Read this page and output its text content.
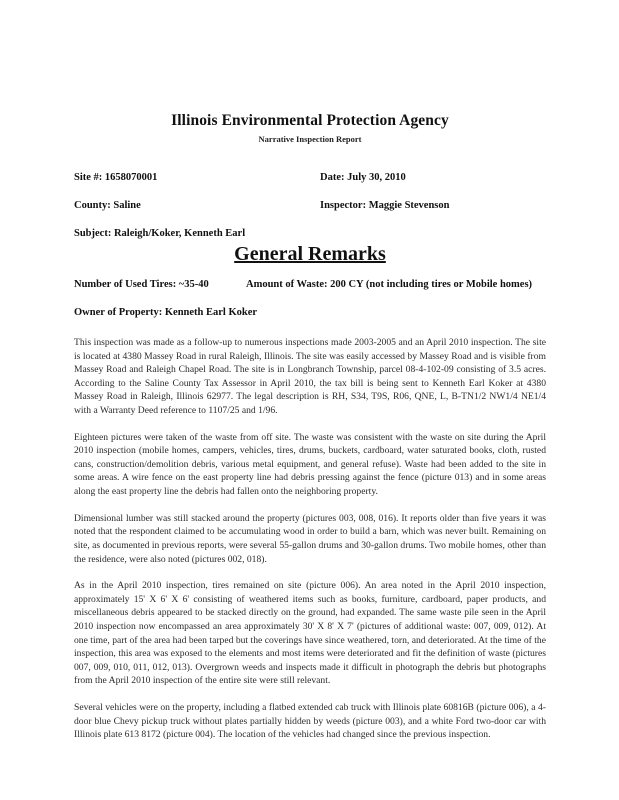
Illinois Environmental Protection Agency
Narrative Inspection Report
Site #: 1658070001	Date: July 30, 2010
County: Saline	Inspector: Maggie Stevenson
Subject: Raleigh/Koker, Kenneth Earl
General Remarks
Number of Used Tires: ~35-40	Amount of Waste: 200 CY (not including tires or Mobile homes)
Owner of Property: Kenneth Earl Koker

This inspection was made as a follow-up to numerous inspections made 2003-2005 and an April 2010 inspection. The site is located at 4380 Massey Road in rural Raleigh, Illinois. The site was easily accessed by Massey Road and is visible from Massey Road and Raleigh Chapel Road. The site is in Longbranch Township, parcel 08-4-102-09 consisting of 3.5 acres. According to the Saline County Tax Assessor in April 2010, the tax bill is being sent to Kenneth Earl Koker at 4380 Massey Road in Raleigh, Illinois 62977. The legal description is RH, S34, T9S, R06, QNE, L, B-TN1/2 NW1/4 NE1/4 with a Warranty Deed reference to 1107/25 and 1/96.

Eighteen pictures were taken of the waste from off site. The waste was consistent with the waste on site during the April 2010 inspection (mobile homes, campers, vehicles, tires, drums, buckets, cardboard, water saturated books, cloth, rusted cans, construction/demolition debris, various metal equipment, and general refuse). Waste had been added to the site in some areas. A wire fence on the east property line had debris pressing against the fence (picture 013) and in some areas along the east property line the debris had fallen onto the neighboring property.

Dimensional lumber was still stacked around the property (pictures 003, 008, 016). It reports older than five years it was noted that the respondent claimed to be accumulating wood in order to build a barn, which was never built. Remaining on site, as documented in previous reports, were several 55-gallon drums and 30-gallon drums. Two mobile homes, other than the residence, were also noted (pictures 002, 018).

As in the April 2010 inspection, tires remained on site (picture 006). An area noted in the April 2010 inspection, approximately 15' X 6' X 6' consisting of weathered items such as books, furniture, cardboard, paper products, and miscellaneous debris appeared to be stacked directly on the ground, had expanded. The same waste pile seen in the April 2010 inspection now encompassed an area approximately 30' X 8' X 7' (pictures of additional waste: 007, 009, 012). At one time, part of the area had been tarped but the coverings have since weathered, torn, and deteriorated. At the time of the inspection, this area was exposed to the elements and most items were deteriorated and fit the definition of waste (pictures 007, 009, 010, 011, 012, 013). Overgrown weeds and inspects made it difficult in photograph the debris but photographs from the April 2010 inspection of the entire site were still relevant.

Several vehicles were on the property, including a flatbed extended cab truck with Illinois plate 60816B (picture 006), a 4-door blue Chevy pickup truck without plates partially hidden by weeds (picture 003), and a white Ford two-door car with Illinois plate 613 8172 (picture 004). The location of the vehicles had changed since the previous inspection.
